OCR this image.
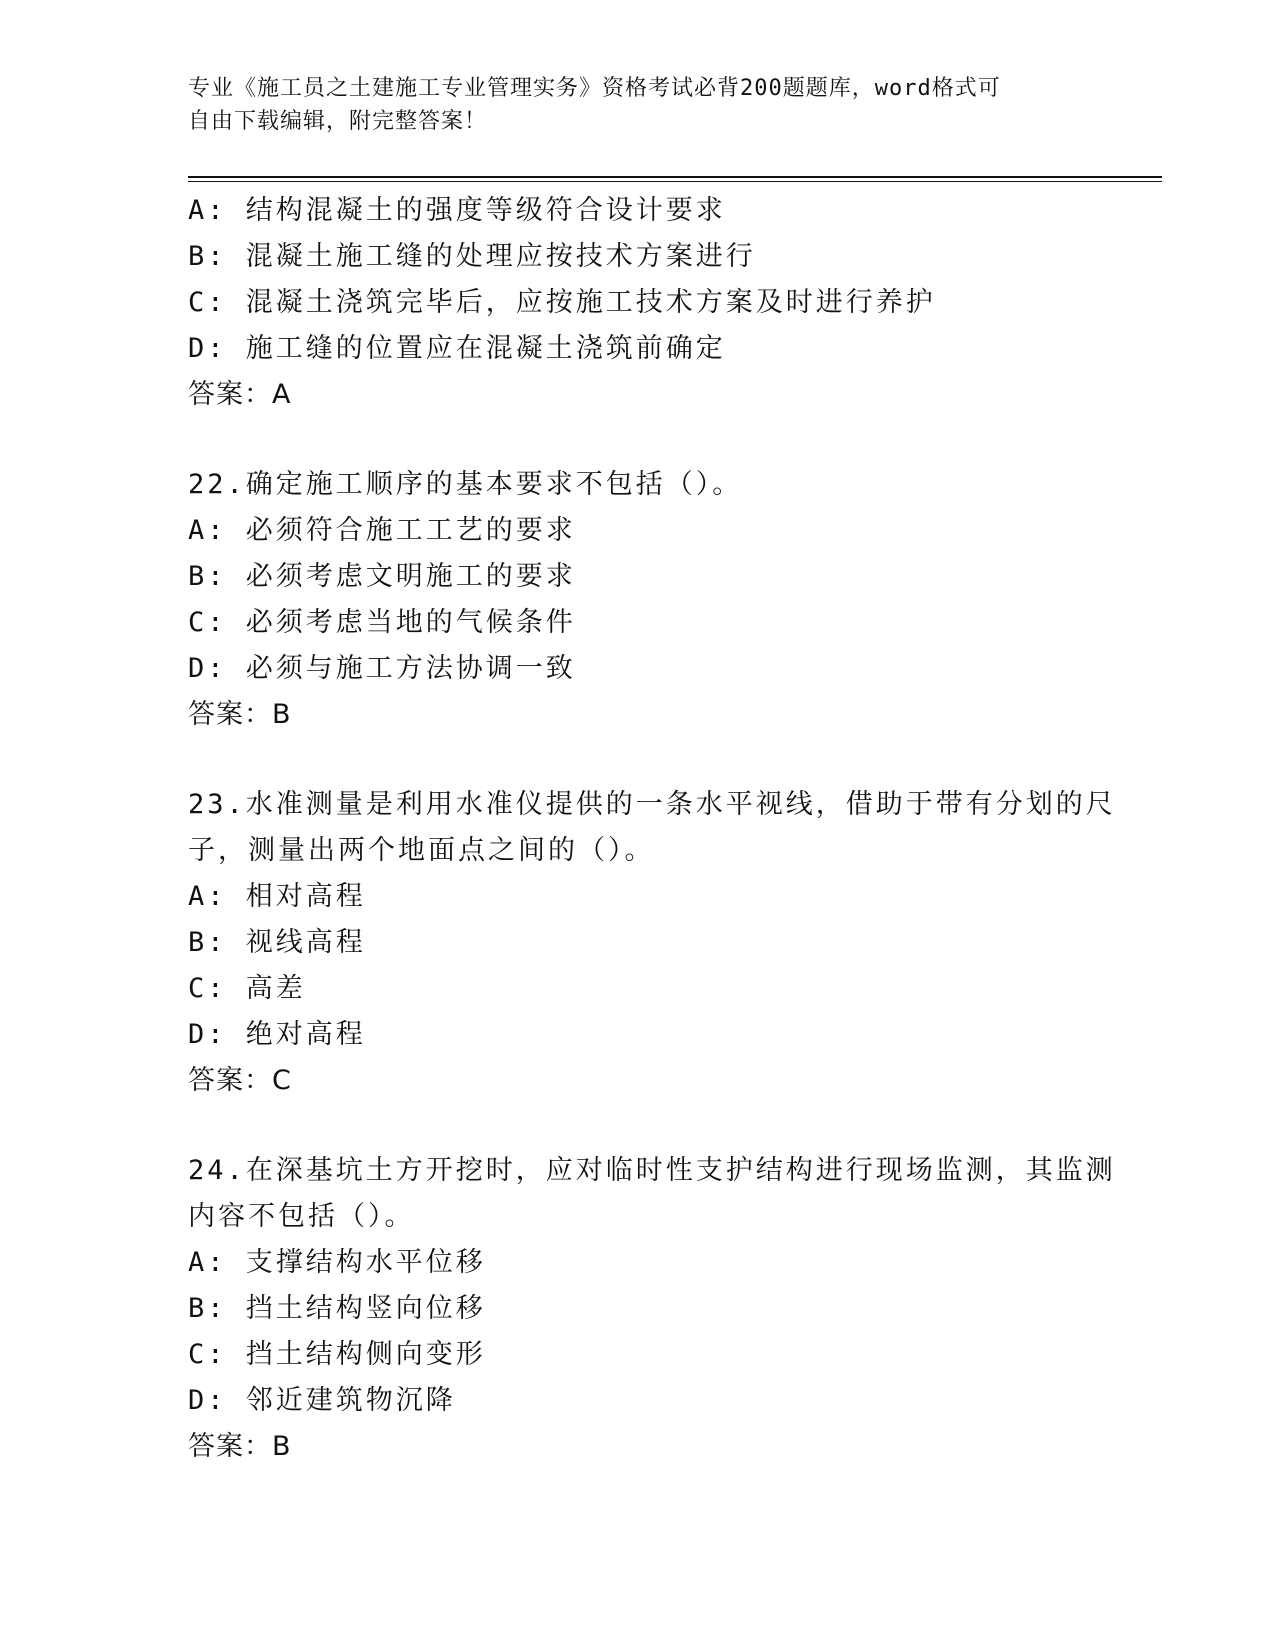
专业《施工员之土建施工专业管理实务》资格考试必背200题题库，word格式可
自由下载编辑，附完整答案！
A: 结构混凝土的强度等级符合设计要求
B: 混凝土施工缝的处理应按技术方案进行
C: 混凝土浇筑完毕后，应按施工技术方案及时进行养护
D: 施工缝的位置应在混凝土浇筑前确定
答案：A
22.确定施工顺序的基本要求不包括（）。
A: 必须符合施工工艺的要求
B: 必须考虑文明施工的要求
C: 必须考虑当地的气候条件
D: 必须与施工方法协调一致
答案：B
23.水准测量是利用水准仪提供的一条水平视线，借助于带有分划的尺
子，测量出两个地面点之间的（）。
A: 相对高程
B: 视线高程
C: 高差
D: 绝对高程
答案：C
24.在深基坑土方开挖时，应对临时性支护结构进行现场监测，其监测
内容不包括（）。
A: 支撑结构水平位移
B: 挡土结构竖向位移
C: 挡土结构侧向变形
D: 邻近建筑物沉降
答案：B
